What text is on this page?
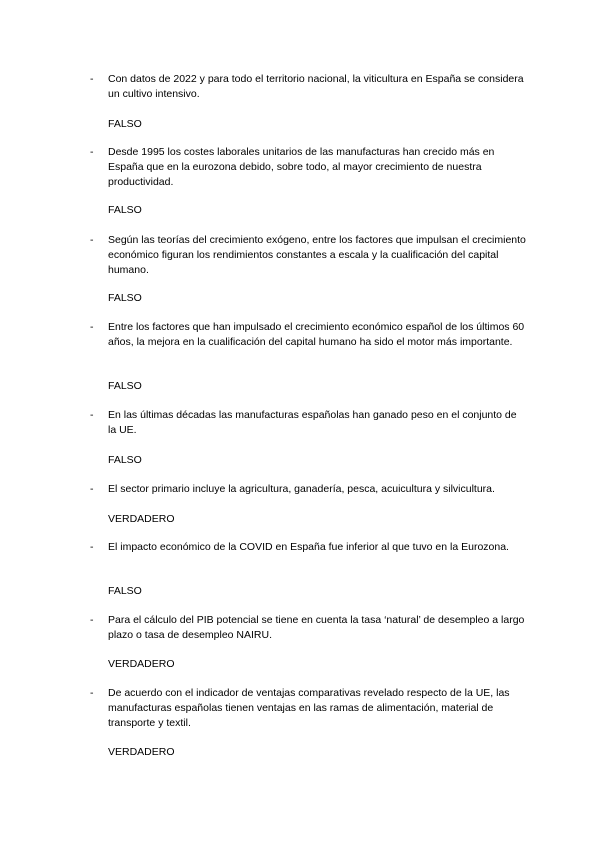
- Con datos de 2022 y para todo el territorio nacional, la viticultura en España se considera un cultivo intensivo.
FALSO
- Desde 1995 los costes laborales unitarios de las manufacturas han crecido más en España que en la eurozona debido, sobre todo, al mayor crecimiento de nuestra productividad.
FALSO
- Según las teorías del crecimiento exógeno, entre los factores que impulsan el crecimiento económico figuran los rendimientos constantes a escala y la cualificación del capital humano.
FALSO
- Entre los factores que han impulsado el crecimiento económico español de los últimos 60 años, la mejora en la cualificación del capital humano ha sido el motor más importante.
FALSO
- En las últimas décadas las manufacturas españolas han ganado peso en el conjunto de la UE.
FALSO
- El sector primario incluye la agricultura, ganadería, pesca, acuicultura y silvicultura.
VERDADERO
- El impacto económico de la COVID en España fue inferior al que tuvo en la Eurozona.
FALSO
- Para el cálculo del PIB potencial se tiene en cuenta la tasa ‘natural’ de desempleo a largo plazo o tasa de desempleo NAIRU.
VERDADERO
- De acuerdo con el indicador de ventajas comparativas revelado respecto de la UE, las manufacturas españolas tienen ventajas en las ramas de alimentación, material de transporte y textil.
VERDADERO
